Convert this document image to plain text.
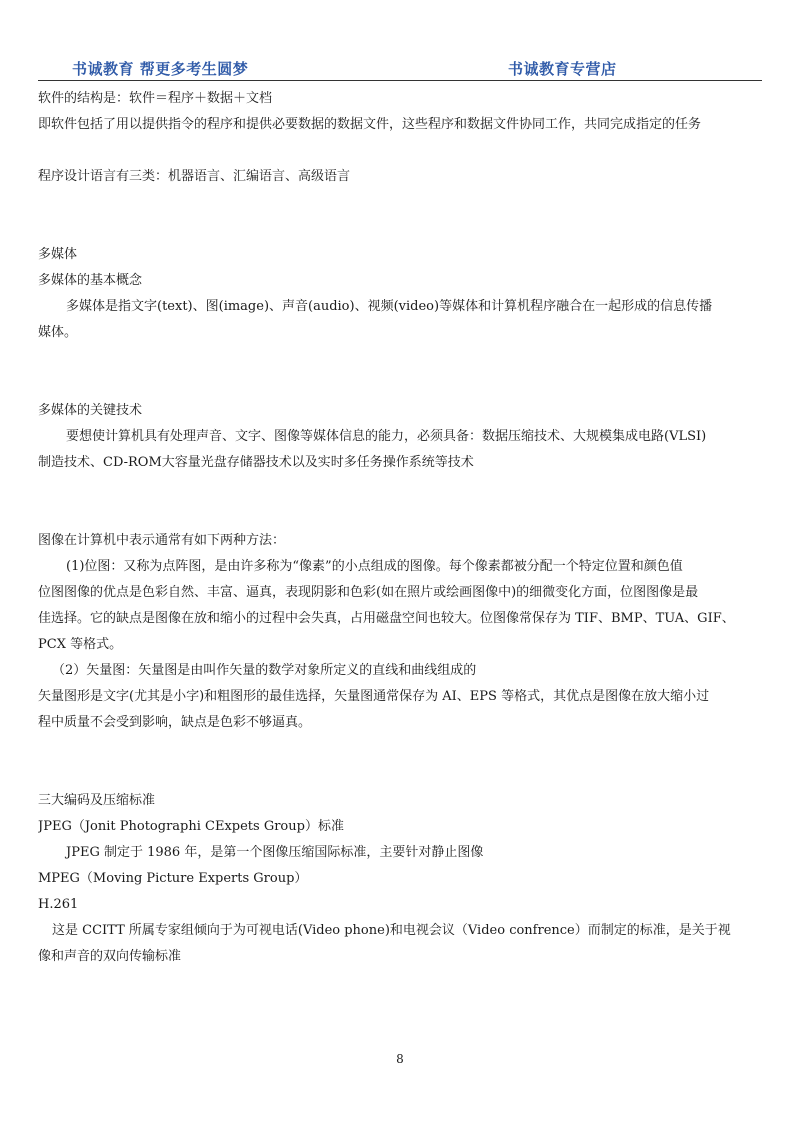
书诚教育 帮更多考生圆梦	书诚教育专营店
软件的结构是：软件＝程序＋数据＋文档
即软件包括了用以提供指令的程序和提供必要数据的数据文件，这些程序和数据文件协同工作，共同完成指定的任务
程序设计语言有三类：机器语言、汇编语言、高级语言
多媒体
多媒体的基本概念
多媒体是指文字(text)、图(image)、声音(audio)、视频(video)等媒体和计算机程序融合在一起形成的信息传播
媒体。
多媒体的关键技术
要想使计算机具有处理声音、文字、图像等媒体信息的能力，必须具备：数据压缩技术、大规模集成电路(VLSI)
制造技术、CD-ROM大容量光盘存储器技术以及实时多任务操作系统等技术
图像在计算机中表示通常有如下两种方法：
(1)位图：又称为点阵图，是由许多称为“像素”的小点组成的图像。每个像素都被分配一个特定位置和颜色值
位图图像的优点是色彩自然、丰富、逼真，表现阴影和色彩(如在照片或绘画图像中)的细微变化方面，位图图像是最
佳选择。它的缺点是图像在放和缩小的过程中会失真，占用磁盘空间也较大。位图像常保存为 TIF、BMP、TUA、GIF、
PCX 等格式。
（2）矢量图：矢量图是由叫作矢量的数学对象所定义的直线和曲线组成的
矢量图形是文字(尤其是小字)和粗图形的最佳选择，矢量图通常保存为 AI、EPS 等格式，其优点是图像在放大缩小过
程中质量不会受到影响，缺点是色彩不够逼真。
三大编码及压缩标准
JPEG（Jonit Photographi CExpets Group）标准
JPEG 制定于 1986 年，是第一个图像压缩国际标准，主要针对静止图像
MPEG（Moving Picture Experts Group）
H.261
这是 CCITT 所属专家组倾向于为可视电话(Video phone)和电视会议（Video confrence）而制定的标准，是关于视
像和声音的双向传输标准
8
